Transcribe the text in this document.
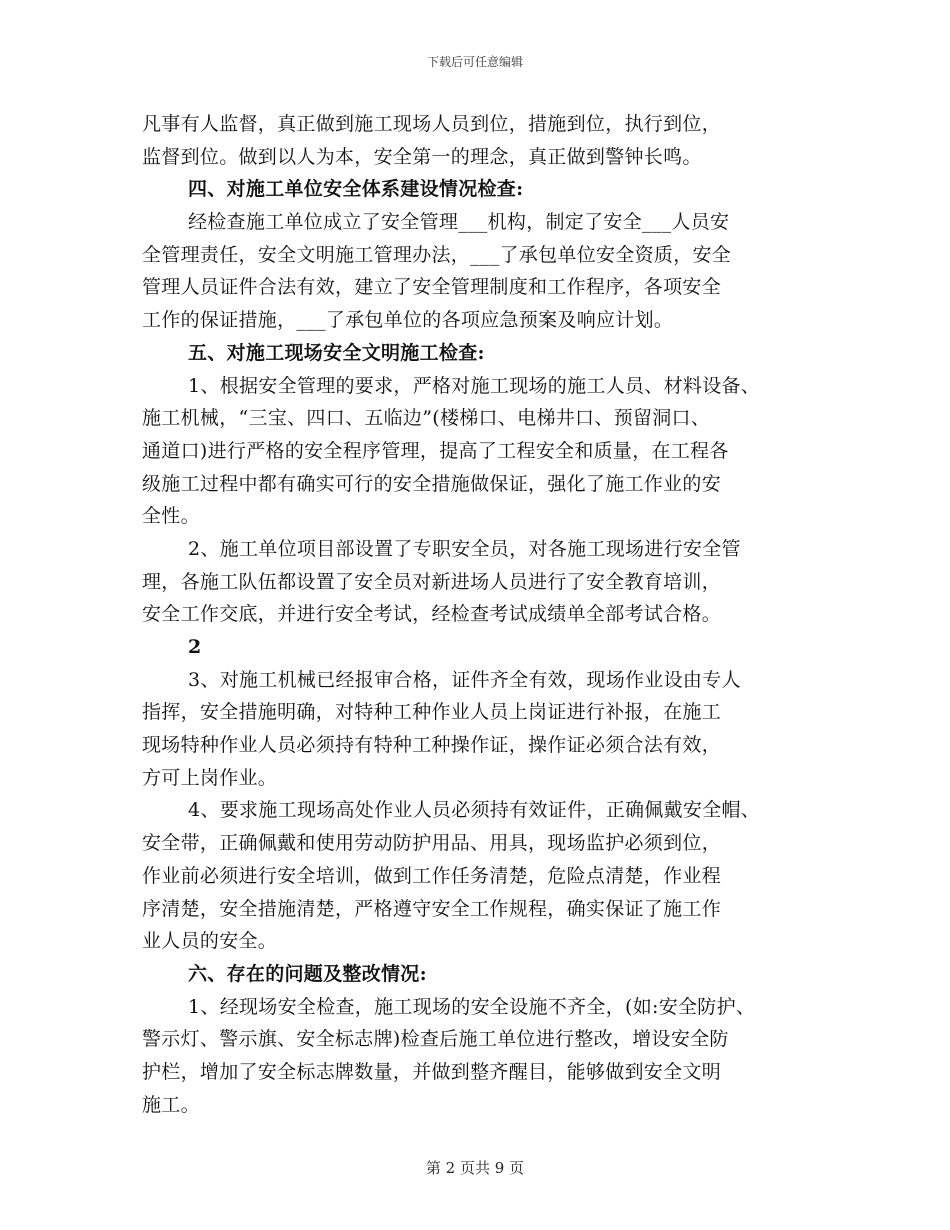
下载后可任意编辑
凡事有人监督，真正做到施工现场人员到位，措施到位，执行到位，
监督到位。做到以人为本，安全第一的理念，真正做到警钟长鸣。
四、对施工单位安全体系建设情况检查:
经检查施工单位成立了安全管理___机构，制定了安全___人员安
全管理责任，安全文明施工管理办法，___了承包单位安全资质，安全
管理人员证件合法有效，建立了安全管理制度和工作程序，各项安全
工作的保证措施，___了承包单位的各项应急预案及响应计划。
五、对施工现场安全文明施工检查:
1、根据安全管理的要求，严格对施工现场的施工人员、材料设备、
施工机械，“三宝、四口、五临边”(楼梯口、电梯井口、预留洞口、
通道口)进行严格的安全程序管理，提高了工程安全和质量，在工程各
级施工过程中都有确实可行的安全措施做保证，强化了施工作业的安
全性。
2、施工单位项目部设置了专职安全员，对各施工现场进行安全管
理，各施工队伍都设置了安全员对新进场人员进行了安全教育培训，
安全工作交底，并进行安全考试，经检查考试成绩单全部考试合格。
2
3、对施工机械已经报审合格，证件齐全有效，现场作业设由专人
指挥，安全措施明确，对特种工种作业人员上岗证进行补报，在施工
现场特种作业人员必须持有特种工种操作证，操作证必须合法有效，
方可上岗作业。
4、要求施工现场高处作业人员必须持有效证件，正确佩戴安全帽、
安全带，正确佩戴和使用劳动防护用品、用具，现场监护必须到位，
作业前必须进行安全培训，做到工作任务清楚，危险点清楚，作业程
序清楚，安全措施清楚，严格遵守安全工作规程，确实保证了施工作
业人员的安全。
六、存在的问题及整改情况:
1、经现场安全检查，施工现场的安全设施不齐全，(如:安全防护、
警示灯、警示旗、安全标志牌)检查后施工单位进行整改，增设安全防
护栏，增加了安全标志牌数量，并做到整齐醒目，能够做到安全文明
施工。
第 2 页共 9 页
